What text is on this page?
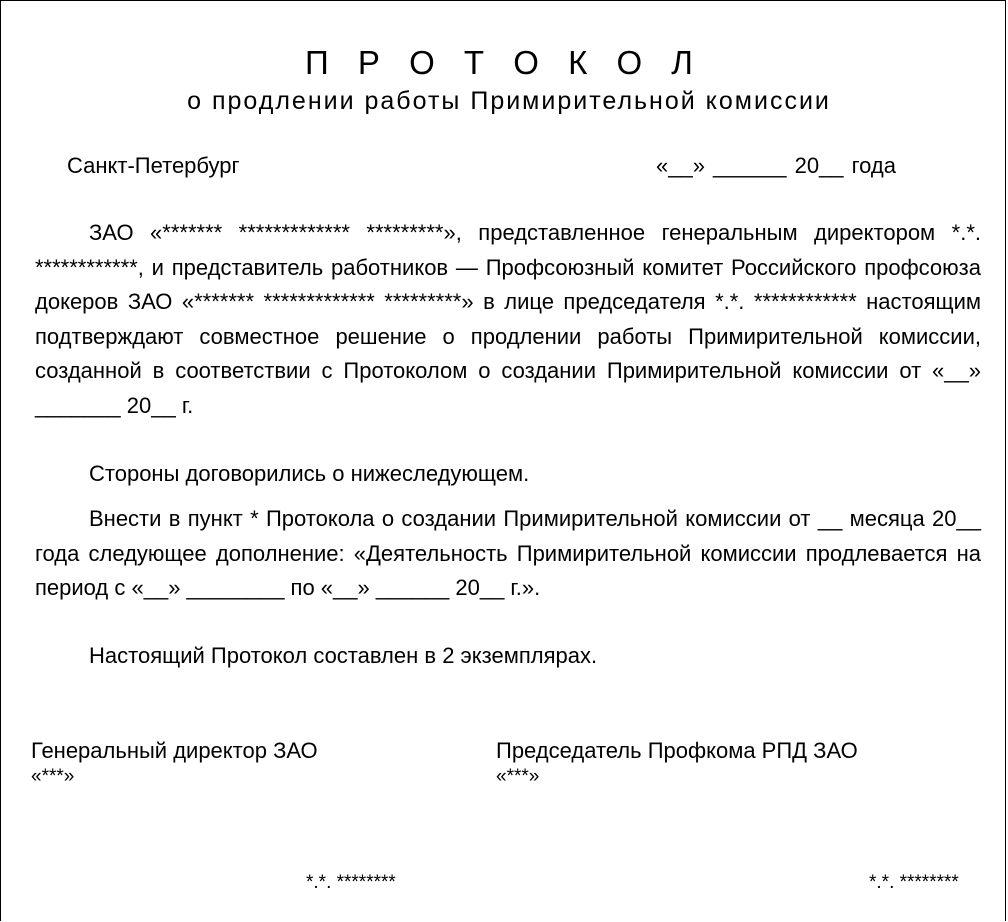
П Р О Т О К О Л
о продлении работы Примирительной комиссии
Санкт-Петербург	«__» ______ 20__ года

ЗАО «******* ************* *********», представленное генеральным директором *.*. ************, и представитель работников — Профсоюзный комитет Российского профсоюза докеров ЗАО «******* ************* *********» в лице председателя *.*. ************ настоящим подтверждают совместное решение о продлении работы Примирительной комиссии, созданной в соответствии с Протоколом о создании Примирительной комиссии от «__» _______ 20__ г.

Стороны договорились о нижеследующем.

Внести в пункт * Протокола о создании Примирительной комиссии от __ месяца 20__ года следующее дополнение: «Деятельность Примирительной комиссии продлевается на период с «__» ________ по «__» ______ 20__ г.».

Настоящий Протокол составлен в 2 экземплярах.

Генеральный директор ЗАО
«***»
Председатель Профкома РПД ЗАО
«***»
*.*. ********	*.*. ********
